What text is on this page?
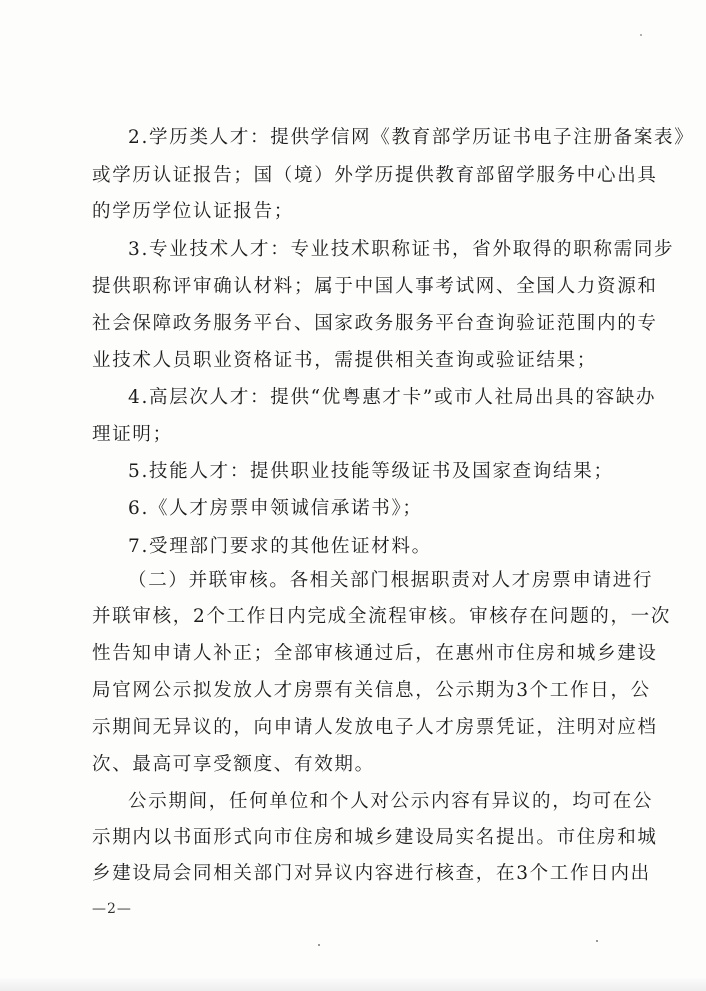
2.学历类人才：提供学信网《教育部学历证书电子注册备案表》
或学历认证报告；国（境）外学历提供教育部留学服务中心出具
的学历学位认证报告；
3.专业技术人才：专业技术职称证书，省外取得的职称需同步
提供职称评审确认材料；属于中国人事考试网、全国人力资源和
社会保障政务服务平台、国家政务服务平台查询验证范围内的专
业技术人员职业资格证书，需提供相关查询或验证结果；
4.高层次人才：提供“优粤惠才卡”或市人社局出具的容缺办
理证明；
5.技能人才：提供职业技能等级证书及国家查询结果；
6.《人才房票申领诚信承诺书》；
7.受理部门要求的其他佐证材料。
（二）并联审核。各相关部门根据职责对人才房票申请进行
并联审核，2个工作日内完成全流程审核。审核存在问题的，一次
性告知申请人补正；全部审核通过后，在惠州市住房和城乡建设
局官网公示拟发放人才房票有关信息，公示期为3个工作日，公
示期间无异议的，向申请人发放电子人才房票凭证，注明对应档
次、最高可享受额度、有效期。
公示期间，任何单位和个人对公示内容有异议的，均可在公
示期内以书面形式向市住房和城乡建设局实名提出。市住房和城
乡建设局会同相关部门对异议内容进行核查，在3个工作日内出
—2—
